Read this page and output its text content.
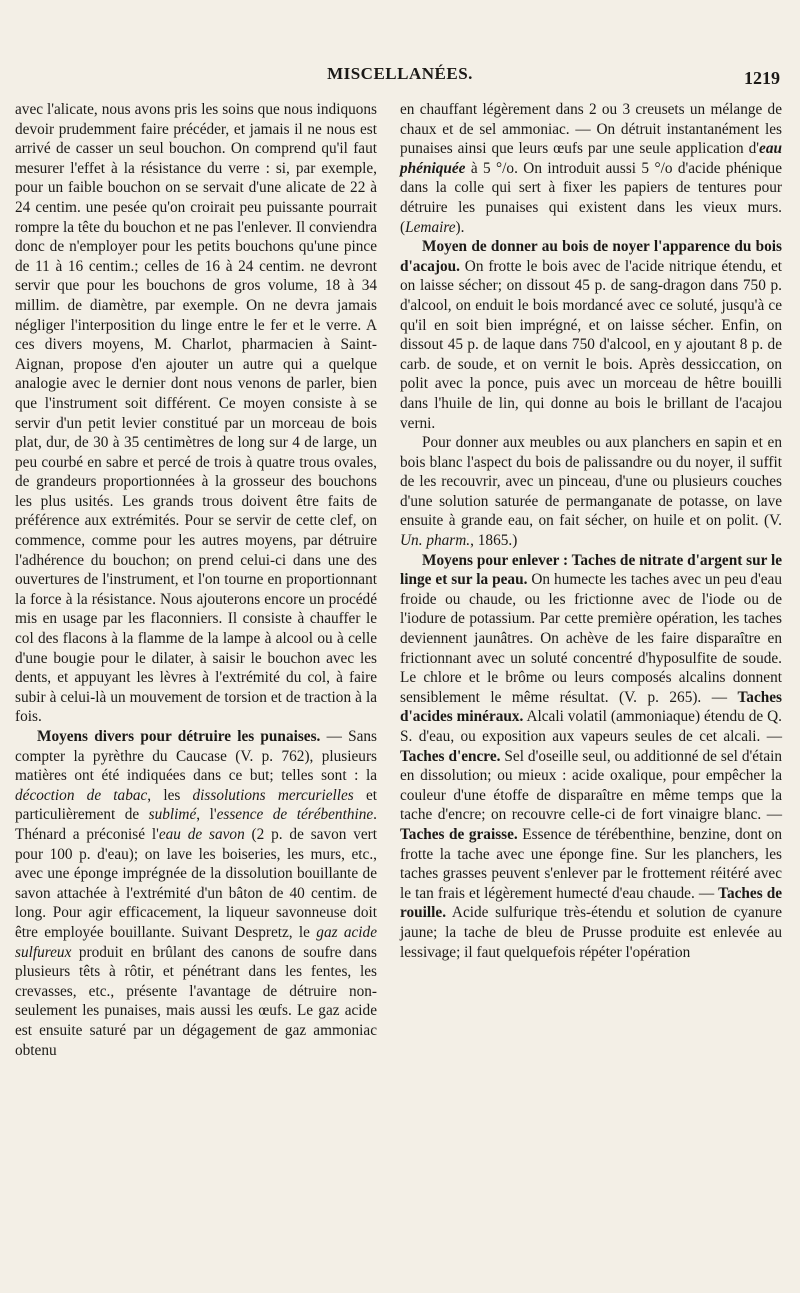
MISCELLANÉES.	1219

avec l'alicate, nous avons pris les soins que nous indiquons devoir prudemment faire précéder, et jamais il ne nous est arrivé de casser un seul bouchon. On comprend qu'il faut mesurer l'effet à la résistance du verre : si, par exemple, pour un faible bouchon on se servait d'une alicate de 22 à 24 centim. une pesée qu'on croirait peu puissante pourrait rompre la tête du bouchon et ne pas l'enlever. Il conviendra donc de n'employer pour les petits bouchons qu'une pince de 11 à 16 centim.; celles de 16 à 24 centim. ne devront servir que pour les bouchons de gros volume, 18 à 34 millim. de diamètre, par exemple. On ne devra jamais négliger l'interposition du linge entre le fer et le verre. A ces divers moyens, M. Charlot, pharmacien à Saint-Aignan, propose d'en ajouter un autre qui a quelque analogie avec le dernier dont nous venons de parler, bien que l'instrument soit différent. Ce moyen consiste à se servir d'un petit levier constitué par un morceau de bois plat, dur, de 30 à 35 centimètres de long sur 4 de large, un peu courbé en sabre et percé de trois à quatre trous ovales, de grandeurs proportionnées à la grosseur des bouchons les plus usités. Les grands trous doivent être faits de préférence aux extrémités. Pour se servir de cette clef, on commence, comme pour les autres moyens, par détruire l'adhérence du bouchon; on prend celui-ci dans une des ouvertures de l'instrument, et l'on tourne en proportionnant la force à la résistance. Nous ajouterons encore un procédé mis en usage par les flaconniers. Il consiste à chauffer le col des flacons à la flamme de la lampe à alcool ou à celle d'une bougie pour le dilater, à saisir le bouchon avec les dents, et appuyant les lèvres à l'extrémité du col, à faire subir à celui-là un mouvement de torsion et de traction à la fois.

Moyens divers pour détruire les punaises. — Sans compter la pyrèthre du Caucase (V. p. 762), plusieurs matières ont été indiquées dans ce but; telles sont : la décoction de tabac, les dissolutions mercurielles et particulièrement de sublimé, l'essence de térébenthine. Thénard a préconisé l'eau de savon (2 p. de savon vert pour 100 p. d'eau); on lave les boiseries, les murs, etc., avec une éponge imprégnée de la dissolution bouillante de savon attachée à l'extrémité d'un bâton de 40 centim. de long. Pour agir efficacement, la liqueur savonneuse doit être employée bouillante. Suivant Despretz, le gaz acide sulfureux produit en brûlant des canons de soufre dans plusieurs têts à rôtir, et pénétrant dans les fentes, les crevasses, etc., présente l'avantage de détruire non-seulement les punaises, mais aussi les œufs. Le gaz acide est ensuite saturé par un dégagement de gaz ammoniac obtenu

en chauffant légèrement dans 2 ou 3 creusets un mélange de chaux et de sel ammoniac. — On détruit instantanément les punaises ainsi que leurs œufs par une seule application d'eau phéniquée à 5 °/o. On introduit aussi 5 °/o d'acide phénique dans la colle qui sert à fixer les papiers de tentures pour détruire les punaises qui existent dans les vieux murs. (Lemaire).

Moyen de donner au bois de noyer l'apparence du bois d'acajou. On frotte le bois avec de l'acide nitrique étendu, et on laisse sécher; on dissout 45 p. de sang-dragon dans 750 p. d'alcool, on enduit le bois mordancé avec ce soluté, jusqu'à ce qu'il en soit bien imprégné, et on laisse sécher. Enfin, on dissout 45 p. de laque dans 750 d'alcool, en y ajoutant 8 p. de carb. de soude, et on vernit le bois. Après dessiccation, on polit avec la ponce, puis avec un morceau de hêtre bouilli dans l'huile de lin, qui donne au bois le brillant de l'acajou verni.

Pour donner aux meubles ou aux planchers en sapin et en bois blanc l'aspect du bois de palissandre ou du noyer, il suffit de les recouvrir, avec un pinceau, d'une ou plusieurs couches d'une solution saturée de permanganate de potasse, on lave ensuite à grande eau, on fait sécher, on huile et on polit. (V. Un. pharm., 1865.)

Moyens pour enlever : Taches de nitrate d'argent sur le linge et sur la peau. On humecte les taches avec un peu d'eau froide ou chaude, ou les frictionne avec de l'iode ou de l'iodure de potassium. Par cette première opération, les taches deviennent jaunâtres. On achève de les faire disparaître en frictionnant avec un soluté concentré d'hyposulfite de soude. Le chlore et le brôme ou leurs composés alcalins donnent sensiblement le même résultat. (V. p. 265). — Taches d'acides minéraux. Alcali volatil (ammoniaque) étendu de Q. S. d'eau, ou exposition aux vapeurs seules de cet alcali. — Taches d'encre. Sel d'oseille seul, ou additionné de sel d'étain en dissolution; ou mieux : acide oxalique, pour empêcher la couleur d'une étoffe de disparaître en même temps que la tache d'encre; on recouvre celle-ci de fort vinaigre blanc. — Taches de graisse. Essence de térébenthine, benzine, dont on frotte la tache avec une éponge fine. Sur les planchers, les taches grasses peuvent s'enlever par le frottement réitéré avec le tan frais et légèrement humecté d'eau chaude. — Taches de rouille. Acide sulfurique très-étendu et solution de cyanure jaune; la tache de bleu de Prusse produite est enlevée au lessivage; il faut quelquefois répéter l'opération
